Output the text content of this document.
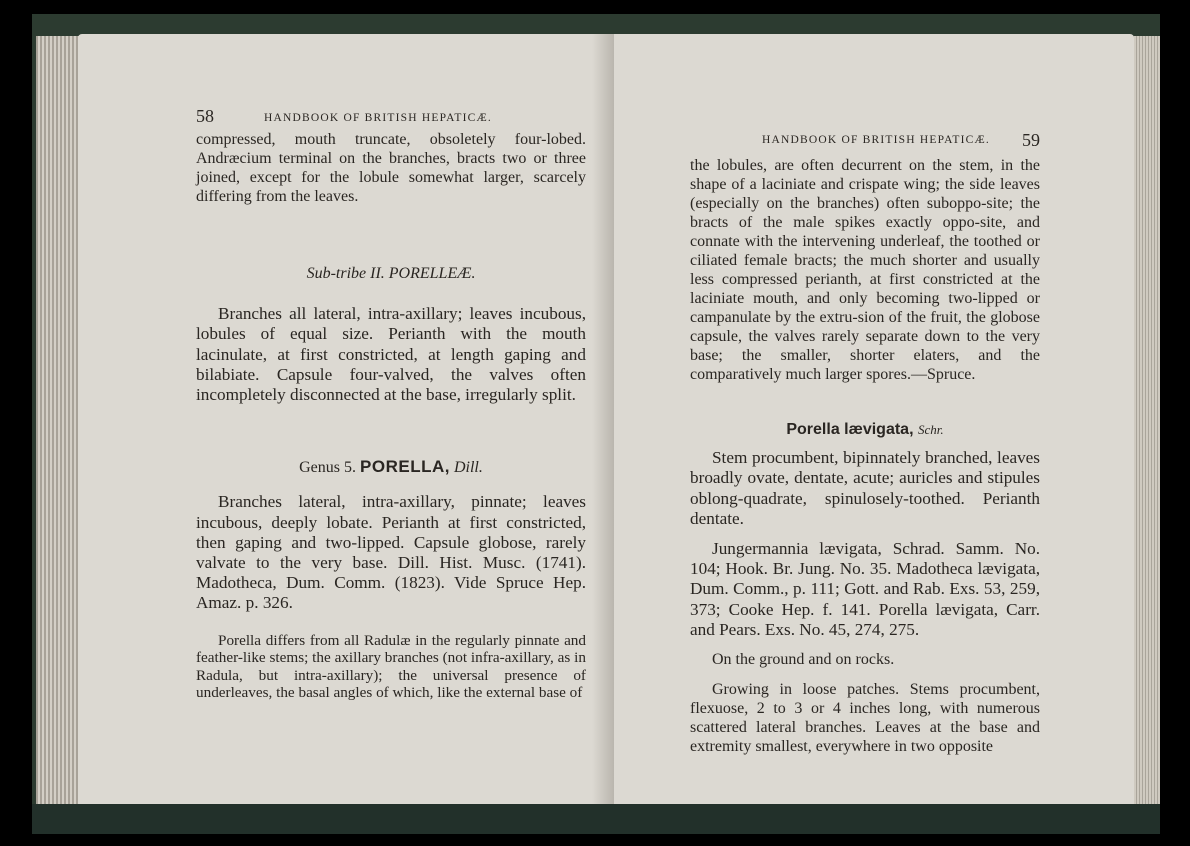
58	HANDBOOK OF BRITISH HEPATICÆ.

compressed, mouth truncate, obsoletely four-lobed. Andræcium terminal on the branches, bracts two or three joined, except for the lobule somewhat larger, scarcely differing from the leaves.

Sub-tribe II. PORELLEÆ.

Branches all lateral, intra-axillary; leaves incubous, lobules of equal size. Perianth with the mouth lacinulate, at first constricted, at length gaping and bilabiate. Capsule four-valved, the valves often incompletely disconnected at the base, irregularly split.

Genus 5. PORELLA, Dill.

Branches lateral, intra-axillary, pinnate; leaves incubous, deeply lobate. Perianth at first constricted, then gaping and two-lipped. Capsule globose, rarely valvate to the very base. Dill. Hist. Musc. (1741). Madotheca, Dum. Comm. (1823). Vide Spruce Hep. Amaz. p. 326.

Porella differs from all Radulæ in the regularly pinnate and feather-like stems; the axillary branches (not infra-axillary, as in Radula, but intra-axillary); the universal presence of underleaves, the basal angles of which, like the external base of

HANDBOOK OF BRITISH HEPATICÆ. 59

the lobules, are often decurrent on the stem, in the shape of a laciniate and crispate wing; the side leaves (especially on the branches) often suboppo-site; the bracts of the male spikes exactly oppo-site, and connate with the intervening underleaf, the toothed or ciliated female bracts; the much shorter and usually less compressed perianth, at first constricted at the laciniate mouth, and only becoming two-lipped or campanulate by the extru-sion of the fruit, the globose capsule, the valves rarely separate down to the very base; the smaller, shorter elaters, and the comparatively much larger spores.—Spruce.

Porella lævigata, Schr.

Stem procumbent, bipinnately branched, leaves broadly ovate, dentate, acute; auricles and stipules oblong-quadrate, spinulosely-toothed. Perianth dentate.

Jungermannia lævigata, Schrad. Samm. No. 104; Hook. Br. Jung. No. 35. Madotheca lævigata, Dum. Comm., p. 111; Gott. and Rab. Exs. 53, 259, 373; Cooke Hep. f. 141. Porella lævigata, Carr. and Pears. Exs. No. 45, 274, 275.

On the ground and on rocks.

Growing in loose patches. Stems procumbent, flexuose, 2 to 3 or 4 inches long, with numerous scattered lateral branches. Leaves at the base and extremity smallest, everywhere in two opposite
